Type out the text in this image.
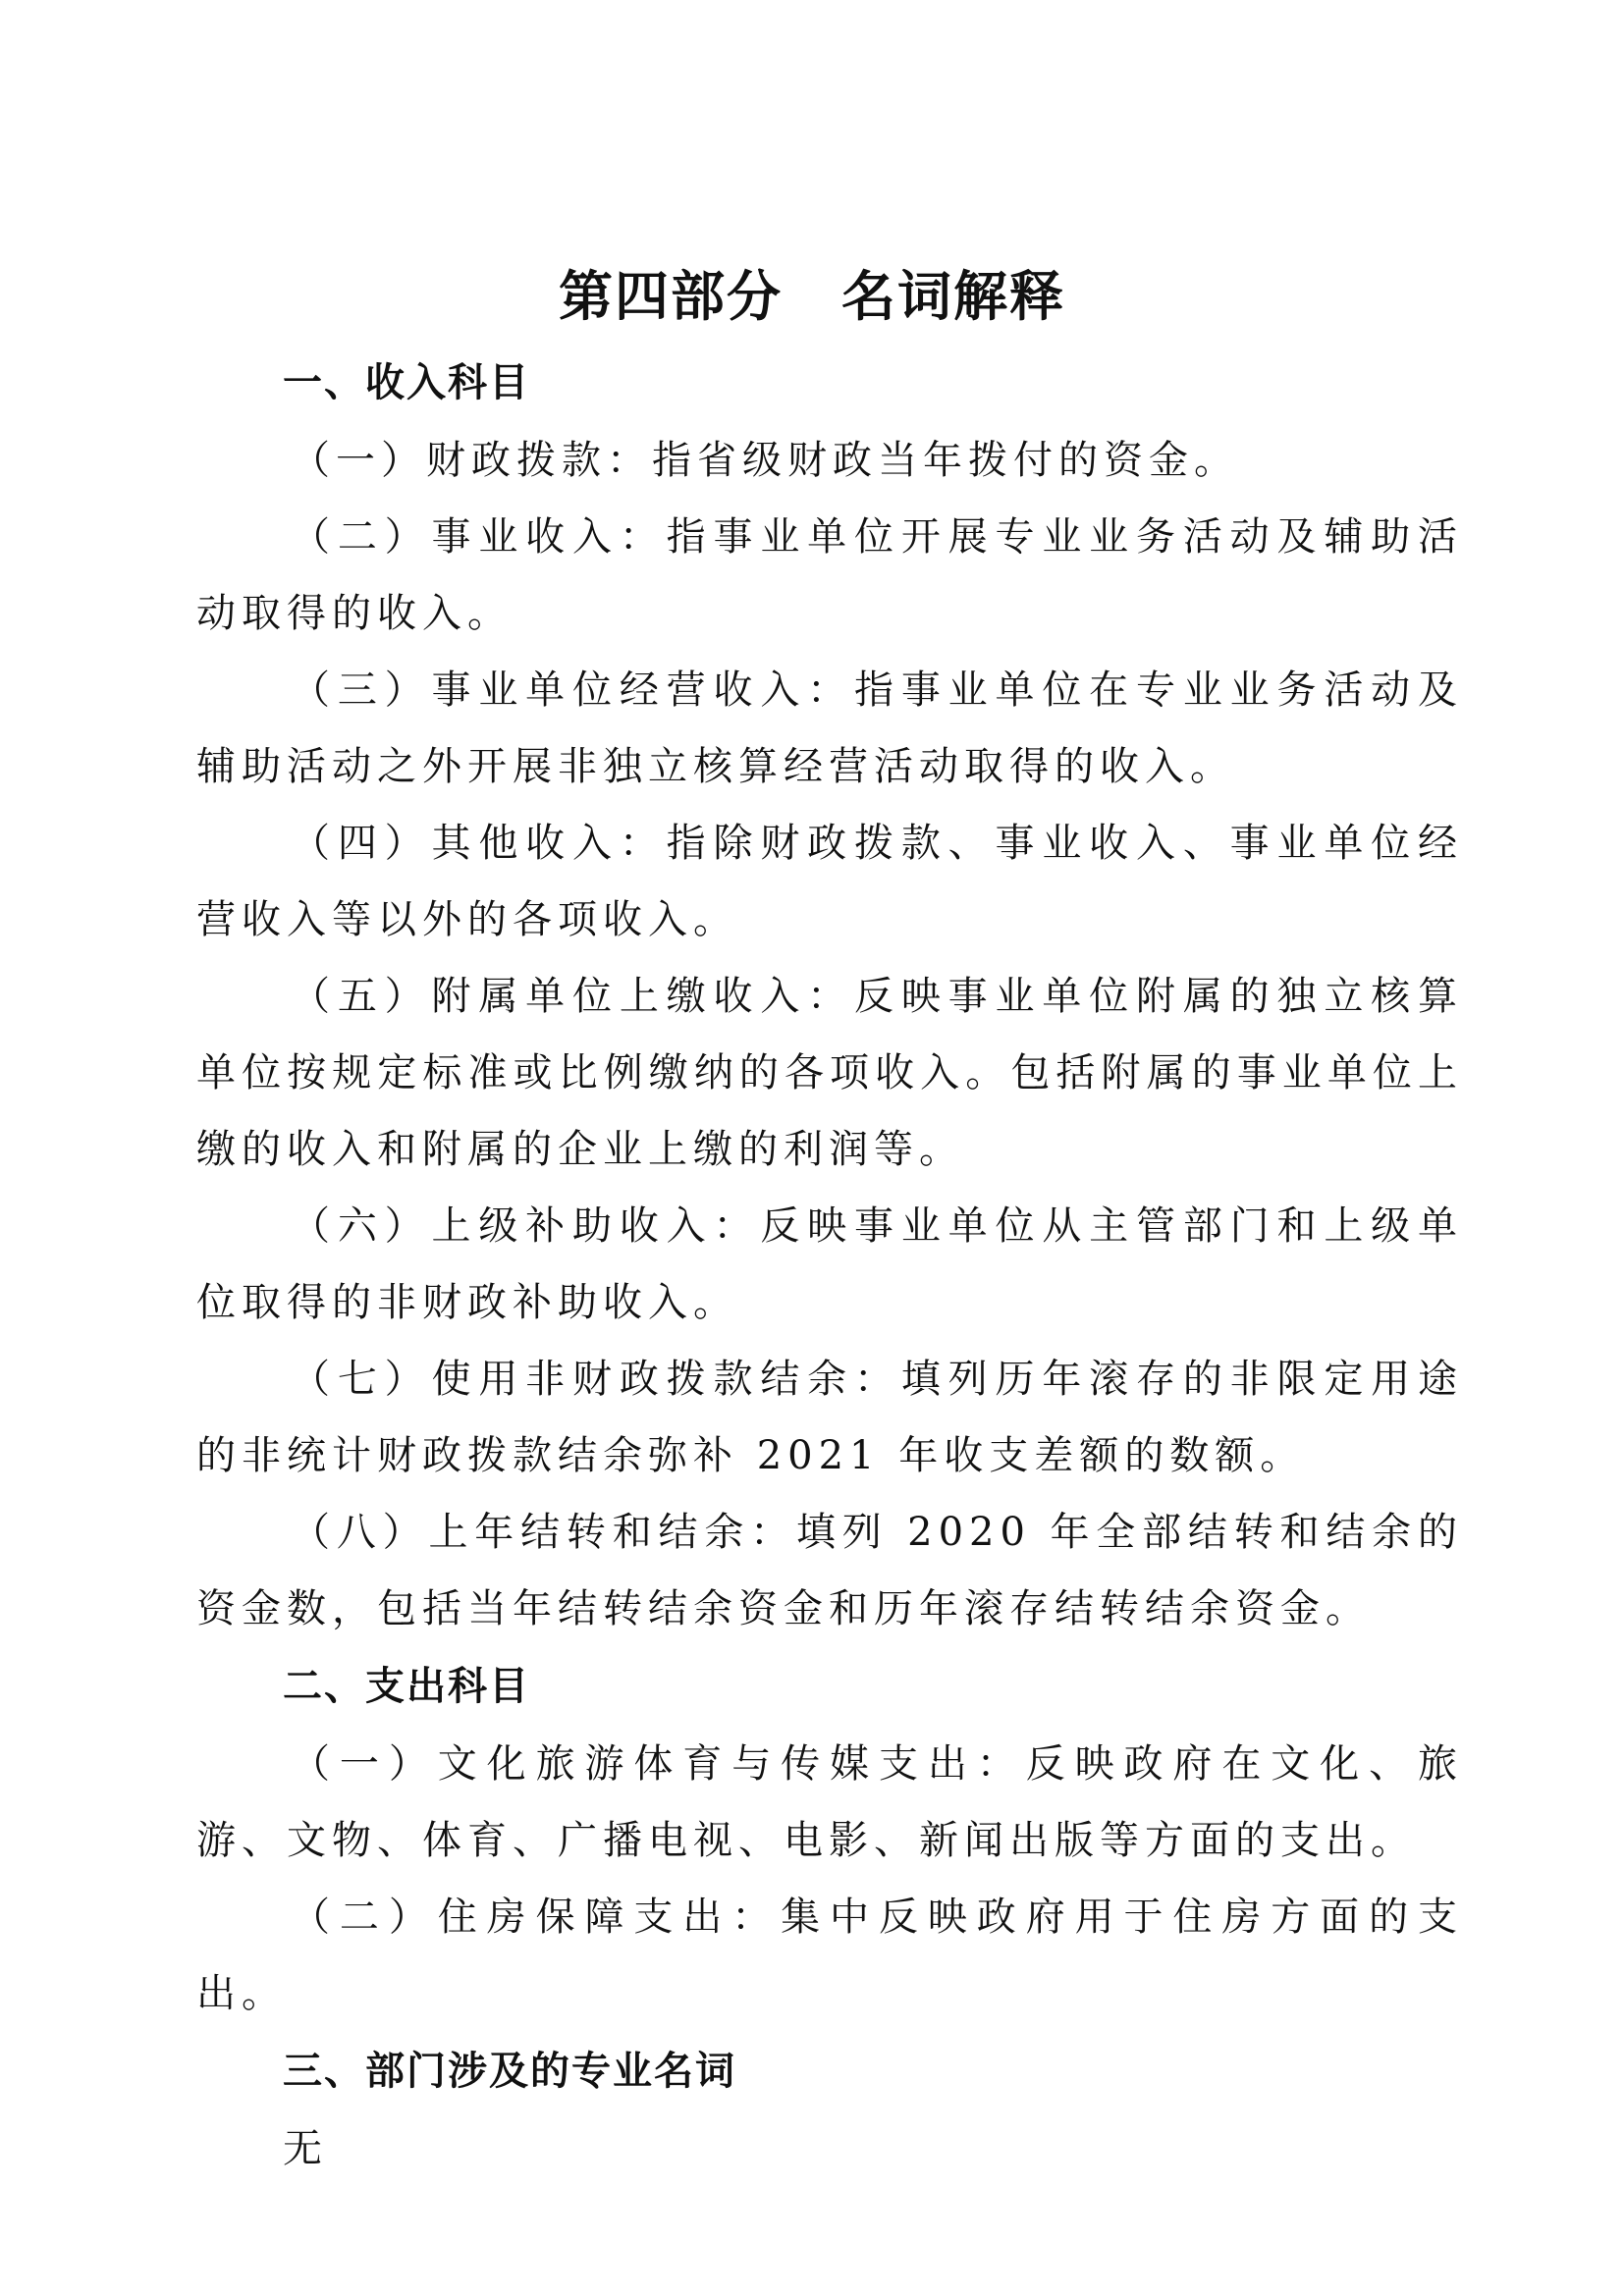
第四部分 名词解释

一、收入科目

（一）财政拨款：指省级财政当年拨付的资金。

（二）事业收入：指事业单位开展专业业务活动及辅助活动取得的收入。

（三）事业单位经营收入：指事业单位在专业业务活动及辅助活动之外开展非独立核算经营活动取得的收入。

（四）其他收入：指除财政拨款、事业收入、事业单位经营收入等以外的各项收入。

（五）附属单位上缴收入：反映事业单位附属的独立核算单位按规定标准或比例缴纳的各项收入。包括附属的事业单位上缴的收入和附属的企业上缴的利润等。

（六）上级补助收入：反映事业单位从主管部门和上级单位取得的非财政补助收入。

（七）使用非财政拨款结余：填列历年滚存的非限定用途的非统计财政拨款结余弥补 2021 年收支差额的数额。

（八）上年结转和结余：填列 2020 年全部结转和结余的资金数，包括当年结转结余资金和历年滚存结转结余资金。

二、支出科目

（一）文化旅游体育与传媒支出：反映政府在文化、旅游、文物、体育、广播电视、电影、新闻出版等方面的支出。

（二）住房保障支出：集中反映政府用于住房方面的支出。

三、部门涉及的专业名词

无
